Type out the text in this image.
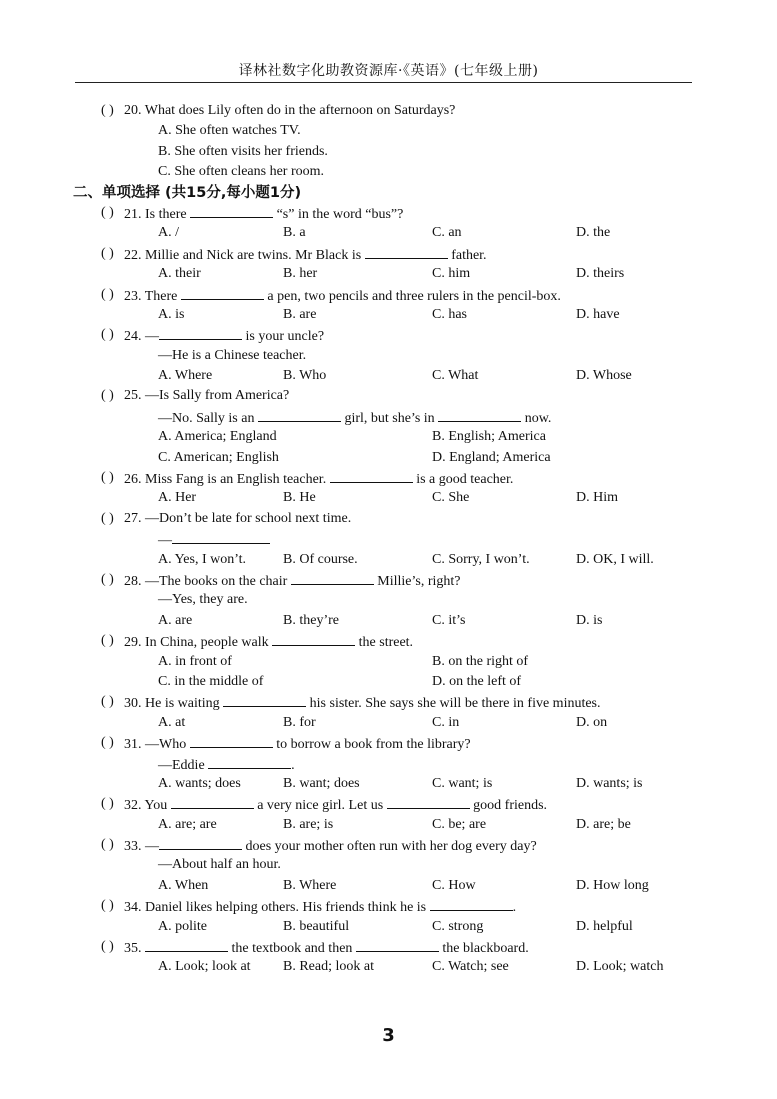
译林社数字化助教资源库·《英语》(七年级上册)
( ) 20. What does Lily often do in the afternoon on Saturdays?
A. She often watches TV.
B. She often visits her friends.
C. She often cleans her room.
二、单项选择 (共15分,每小题1分)
( ) 21. Is there	“s” in the word “bus”?
A. /	B. a	C. an	D. the
( ) 22. Millie and Nick are twins. Mr Black is	father.
A. their	B. her	C. him	D. theirs
( ) 23. There	a pen, two pencils and three rulers in the pencil-box.
A. is	B. are	C. has	D. have
( ) 24. —	is your uncle?
—He is a Chinese teacher.
A. Where	B. Who	C. What	D. Whose
( ) 25. —Is Sally from America?
—No. Sally is an	girl, but she’s in	now.
A. America; England	B. English; America
C. American; English	D. England; America
( ) 26. Miss Fang is an English teacher.	is a good teacher.
A. Her	B. He	C. She	D. Him
( ) 27. —Don’t be late for school next time.
—
A. Yes, I won’t.	B. Of course.	C. Sorry, I won’t.	D. OK, I will.
( ) 28. —The books on the chair	Millie’s, right?
—Yes, they are.
A. are	B. they’re	C. it’s	D. is
( ) 29. In China, people walk	the street.
A. in front of	B. on the right of
C. in the middle of	D. on the left of
( ) 30. He is waiting	his sister. She says she will be there in five minutes.
A. at	B. for	C. in	D. on
( ) 31. —Who	to borrow a book from the library?
—Eddie	.
A. wants; does	B. want; does	C. want; is	D. wants; is
( ) 32. You	a very nice girl. Let us	good friends.
A. are; are	B. are; is	C. be; are	D. are; be
( ) 33. —	does your mother often run with her dog every day?
—About half an hour.
A. When	B. Where	C. How	D. How long
( ) 34. Daniel likes helping others. His friends think he is	.
A. polite	B. beautiful	C. strong	D. helpful
( ) 35.	the textbook and then	the blackboard.
A. Look; look at B. Read; look at	C. Watch; see	D. Look; watch
3
